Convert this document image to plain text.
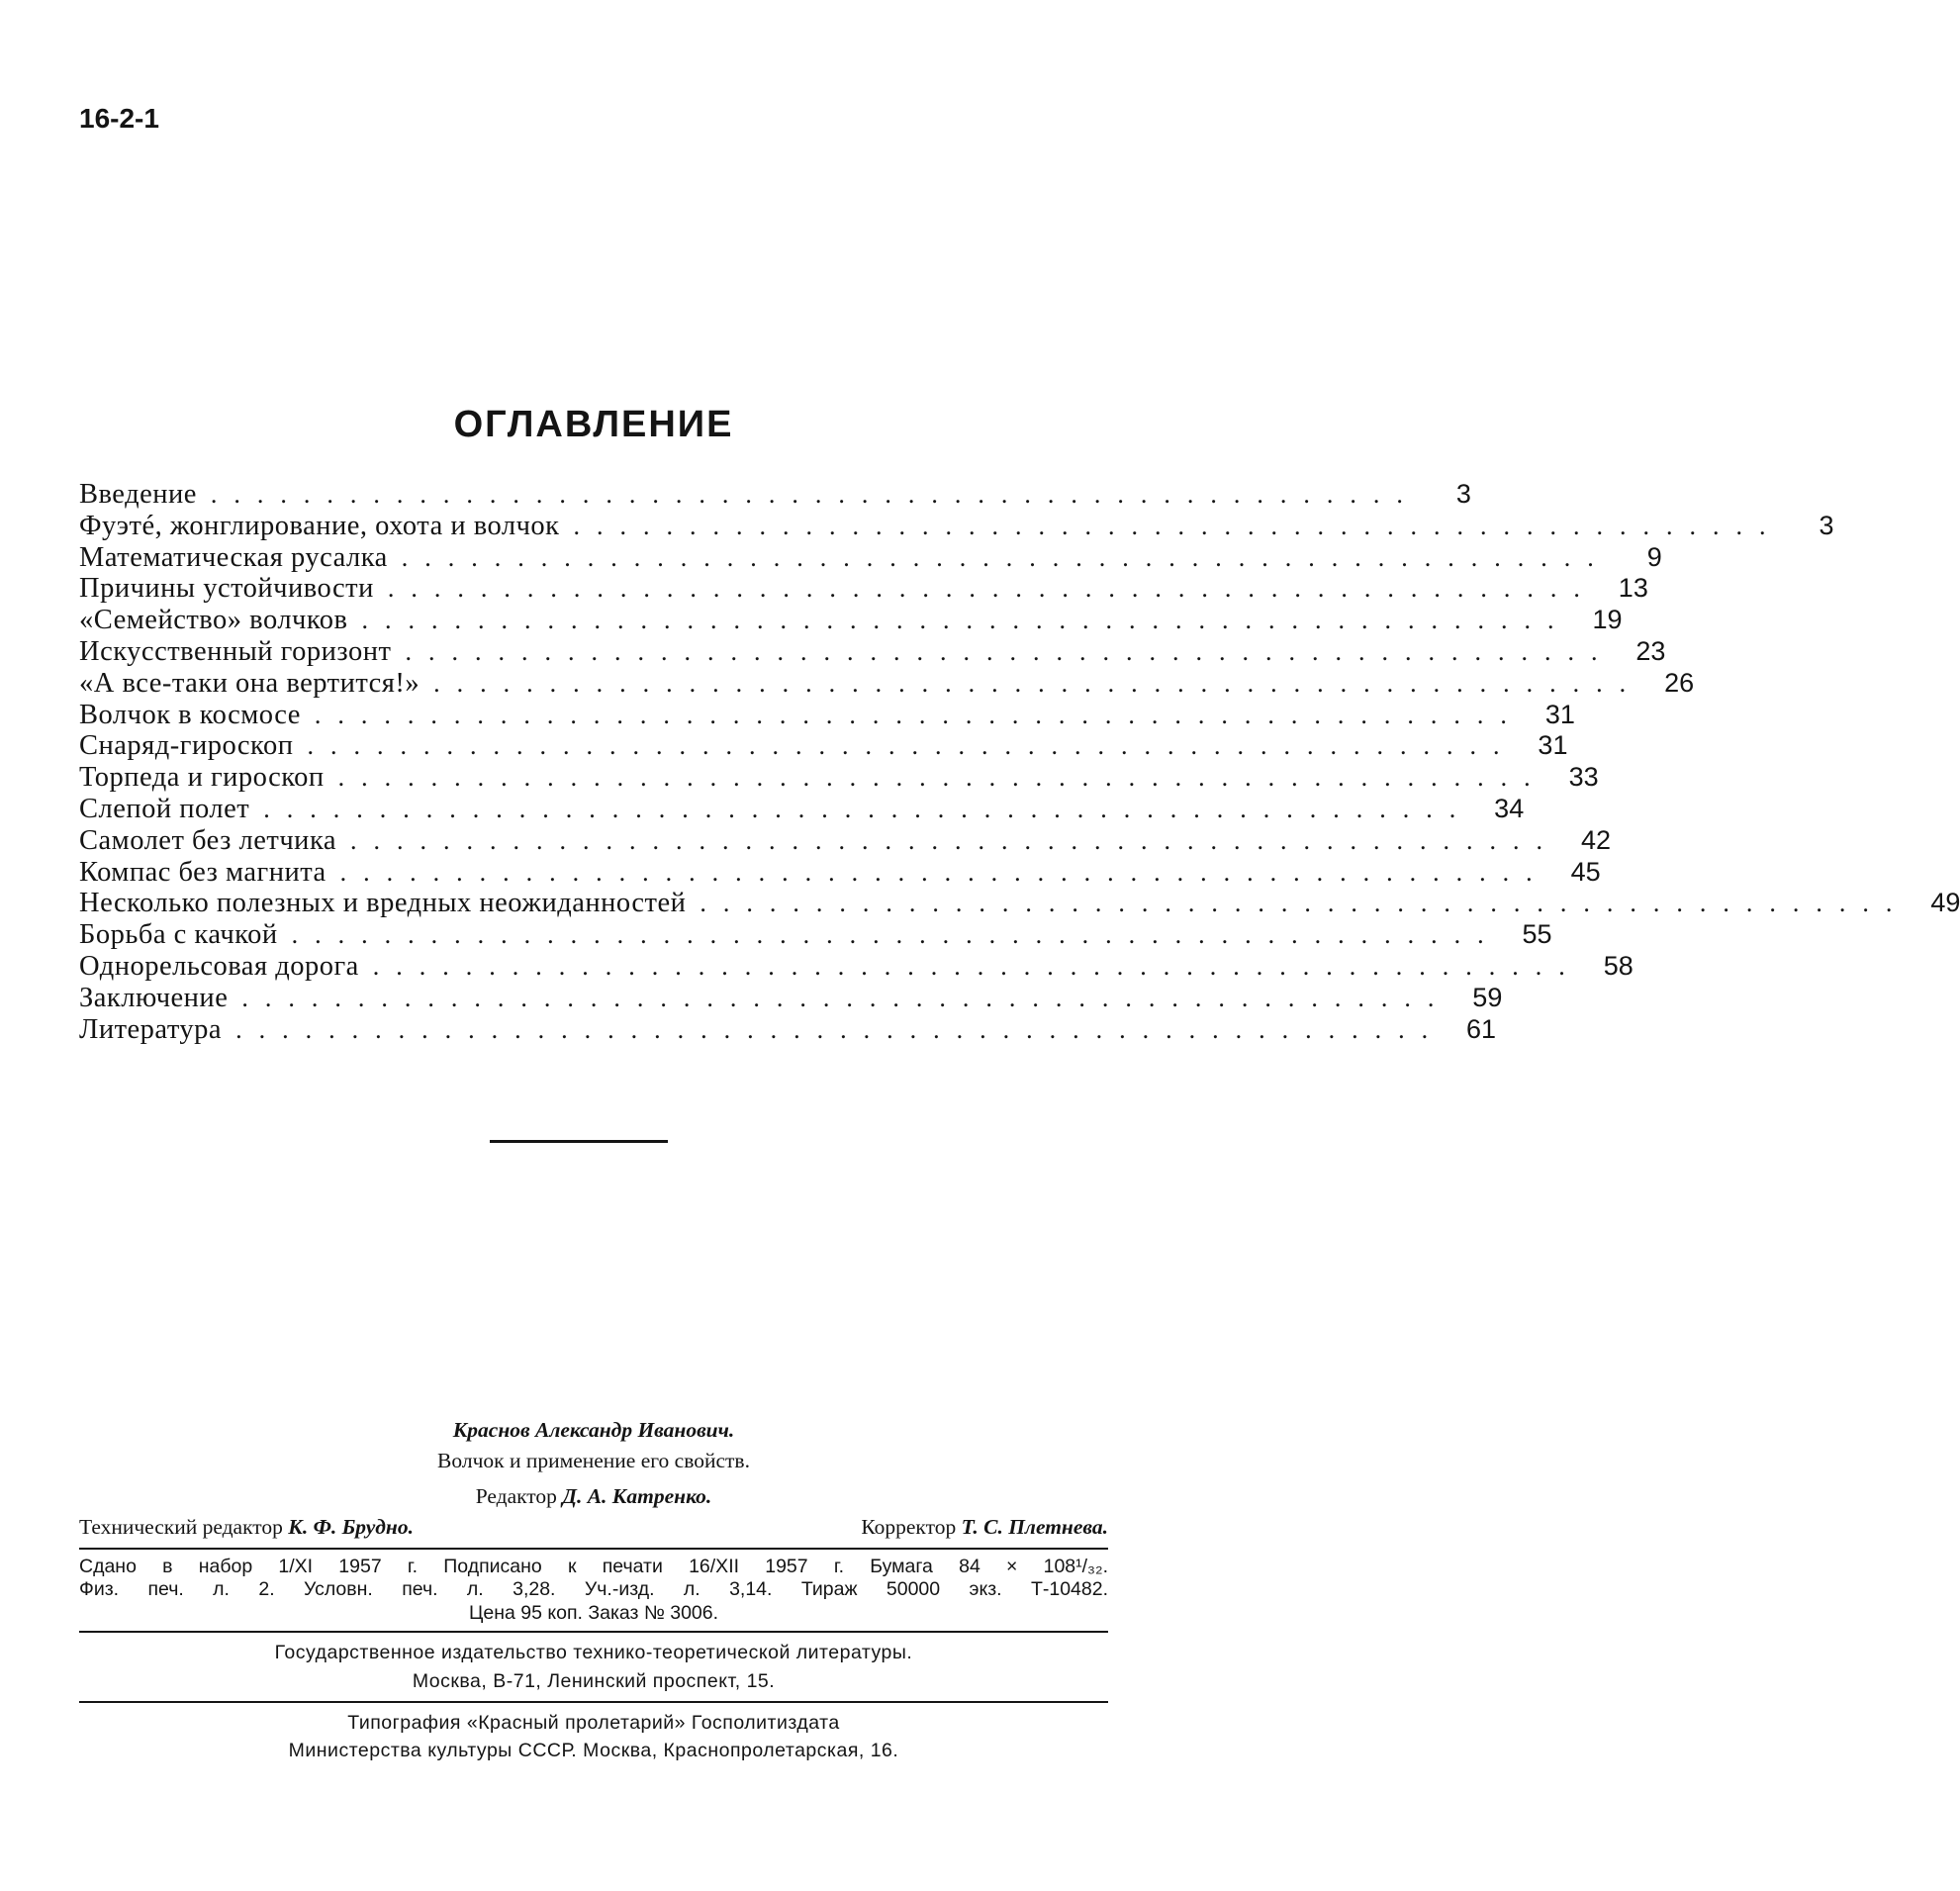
16-2-1
ОГЛАВЛЕНИЕ
Введение ....................................................	3
Фуэтé, жонглирование, охота и волчок ....................................................	3
Математическая русалка ....................................................	9
Причины устойчивости .................................................... 13
«Семейство» волчков .................................................... 19
Искусственный горизонт .................................................... 23
«А все-таки она вертится!» .................................................... 26
Волчок в космосе .................................................... 31
Снаряд-гироскоп .................................................... 31
Торпеда и гироскоп .................................................... 33
Слепой полет .................................................... 34
Самолет без летчика .................................................... 42
Компас без магнита .................................................... 45
Несколько полезных и вредных неожиданностей .................................................... 49
Борьба с качкой .................................................... 55
Однорельсовая дорога .................................................... 58
Заключение .................................................... 59
Литература .................................................... 61
Краснов Александр Иванович.
Волчок и применение его свойств.
Редактор Д. А. Катренко.
Технический редактор К. Ф. Брудно.	Корректор Т. С. Плетнева.
Сдано в набор 1/XI 1957 г. Подписано к печати 16/XII 1957 г. Бумага 84 × 108¹/₃₂.
Физ. печ. л. 2. Условн. печ. л. 3,28. Уч.-изд. л. 3,14. Тираж 50000 экз. Т-10482.
Цена 95 коп. Заказ № 3006.
Государственное издательство технико-теоретической литературы.
Москва, В-71, Ленинский проспект, 15.
Типография «Красный пролетарий» Госполитиздата
Министерства культуры СССР. Москва, Краснопролетарская, 16.
